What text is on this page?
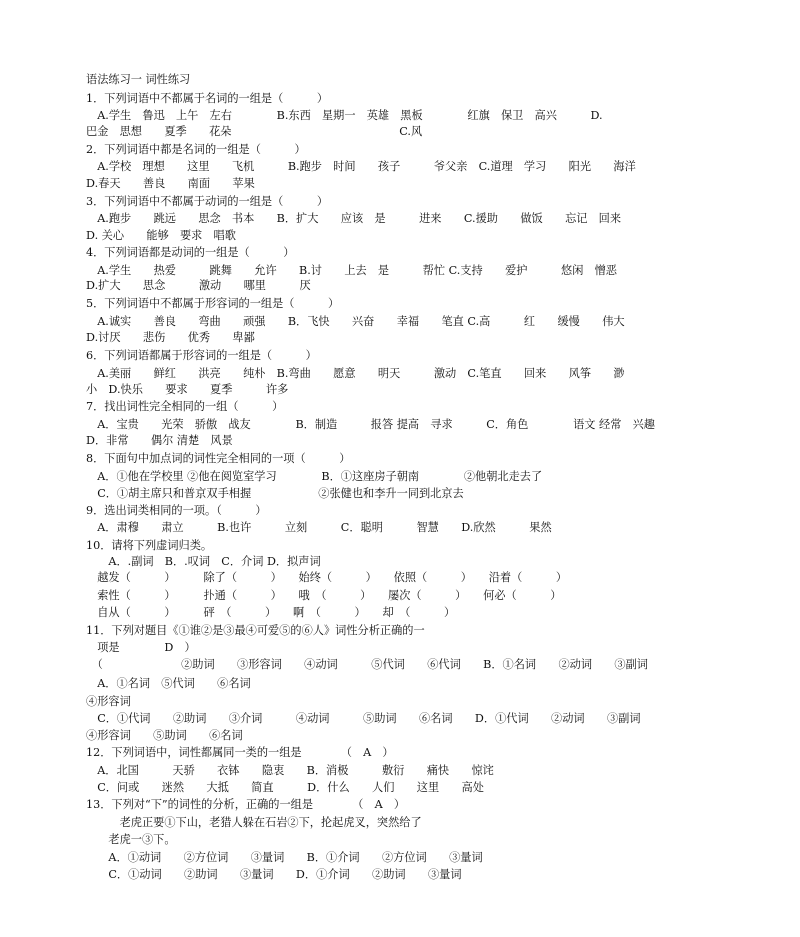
语法练习一 词性练习
1．下列词语中不都属于名词的一组是（　　　）
　A.学生　鲁迅　上午　左右　　　　B.东西　星期一　英雄　黑板　　　　红旗　保卫　高兴　　　D.
巴金　思想　　夏季　　花朵　　　　　　　　　　　　　　　C.风
2．下列词语中都是名词的一组是（　　　）
　A.学校　理想　　这里　　飞机　　　B.跑步　时间　　孩子　　　爷父亲　C.道理　学习　　阳光　　海洋
D.春天　　善良　　南面　　苹果
3．下列词语中不都属于动词的一组是（　　　）
　A.跑步　　跳远　　思念　书本　　B．扩大　　应该　是　　　进来　　C.援助　　做饭　　忘记　回来
D. 关心　　能够　要求　唱歌
4．下列词语都是动词的一组是（　　　）
　A.学生　　热爱　　　跳舞　　允许　　B.讨　　上去　是　　　帮忙 C.支持　　爱护　　　悠闲　憎恶
D.扩大　　思念　　　激动　　哪里　　　厌
5．下列词语中不都属于形容词的一组是（　　　）
　A.诚实　　善良　　弯曲　　顽强　　B．飞快　　兴奋　　幸福　　笔直 C.高　　　红　　缓慢　　伟大
D.讨厌　　悲伤　　优秀　　卑鄙
6．下列词语都属于形容词的一组是（　　　）
　A.美丽　　鲜红　　洪亮　　纯朴　B.弯曲　　愿意　　明天　　　激动　C.笔直　　回来　　风筝　　渺
小　D.快乐　　要求　　夏季　　　许多
7．找出词性完全相同的一组（　　　）
　A．宝贵　　光荣　骄傲　战友　　　　B．制造　　　报答 提高　寻求　　　C．角色　　　　语文 经常　兴趣
D．非常　　偶尔 清楚　风景
8．下面句中加点词的词性完全相同的一项（　　　）
　A．①他在学校里 ②他在阅览室学习　　　　B．①这座房子朝南　　　　②他朝北走去了
　C．①胡主席只和普京双手相握　　　　　　②张健也和李升一同到北京去
9．选出词类相同的一项。（　　　）
　A．肃穆　　肃立　　　B.也许　　　立刻　　　C．聪明　　　智慧　　D.欣然　　　果然
10．请将下列虚词归类。
　　A．.副词　B．.叹词　C．介词 D．拟声词
　越发（　　　）　　　除了（　　　）　　始终（　　　）　　依照（　　　）　　沿着（　　　）
　索性（　　　）　　　扑通（　　　）　　哦　（　　　）　　屡次（　　　）　　何必（　　　）
　自从（　　　）　　　砰　（　　　）　　啊　（　　　）　　却　（　　　）
11．下列对题目《①谁②是③最④可爱⑤的⑥人》词性分析正确的一
　项是　　　　D　）
　（　　　　　　　②助词　　③形容词　　④动词　　　⑤代词　　⑥代词　　B．①名词　　②动词　　③副词
　A．①名词　⑤代词　　⑥名词
④形容词
　C．①代词　　②助词　　③介词　　　④动词　　　⑤助词　　⑥名词　　D．①代词　　②动词　　③副词
④形容词　　⑤助词　　⑥名词
12．下列词语中，词性都属同一类的一组是　　　　（　A　）
　A．北国　　　天骄　　衣钵　　隐衷　　B．消极　　　敷衍　　痛快　　惊诧
　C．问或　　迷然　　大抵　　简直　　　D．什么　　人们　　这里　　高处
13．下列对“下”的词性的分析，正确的一组是　　　　（　A　）
　　　老虎正要①下山，老猎人躲在石岩②下，抡起虎叉，突然给了
　　老虎一③下。
　　A．①动词　　②方位词　　③量词　　B．①介词　　②方位词　　③量词
　　C．①动词　　②助词　　③量词　　D．①介词　　②助词　　③量词
